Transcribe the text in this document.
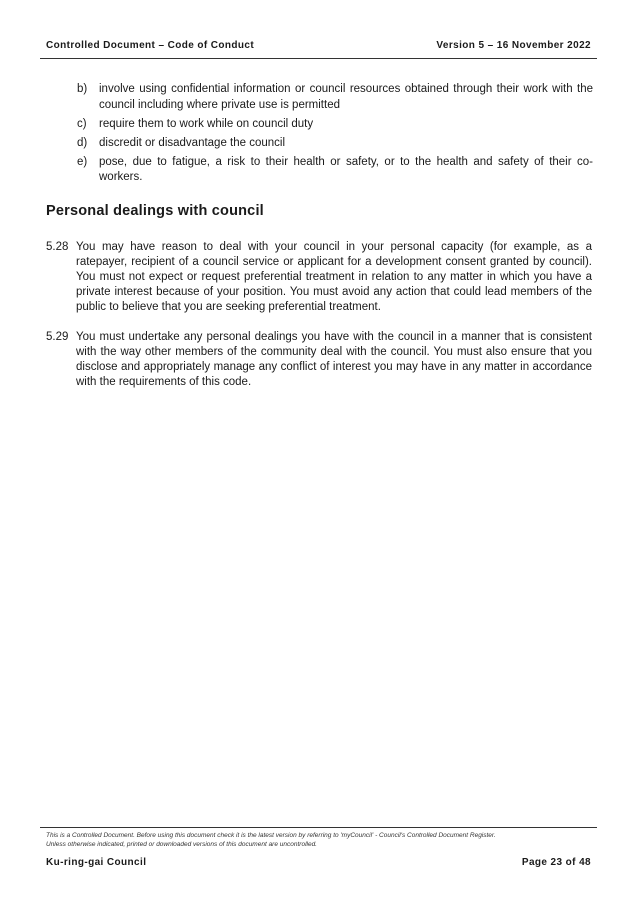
Controlled Document – Code of Conduct	Version 5 – 16 November 2022
b)	involve using confidential information or council resources obtained through their work with the council including where private use is permitted
c)	require them to work while on council duty
d)	discredit or disadvantage the council
e)	pose, due to fatigue, a risk to their health or safety, or to the health and safety of their co-workers.
Personal dealings with council
5.28 You may have reason to deal with your council in your personal capacity (for example, as a ratepayer, recipient of a council service or applicant for a development consent granted by council). You must not expect or request preferential treatment in relation to any matter in which you have a private interest because of your position. You must avoid any action that could lead members of the public to believe that you are seeking preferential treatment.
5.29 You must undertake any personal dealings you have with the council in a manner that is consistent with the way other members of the community deal with the council. You must also ensure that you disclose and appropriately manage any conflict of interest you may have in any matter in accordance with the requirements of this code.
This is a Controlled Document. Before using this document check it is the latest version by referring to 'myCouncil' - Council's Controlled Document Register.
Unless otherwise indicated, printed or downloaded versions of this document are uncontrolled.
Ku-ring-gai Council	Page 23 of 48
